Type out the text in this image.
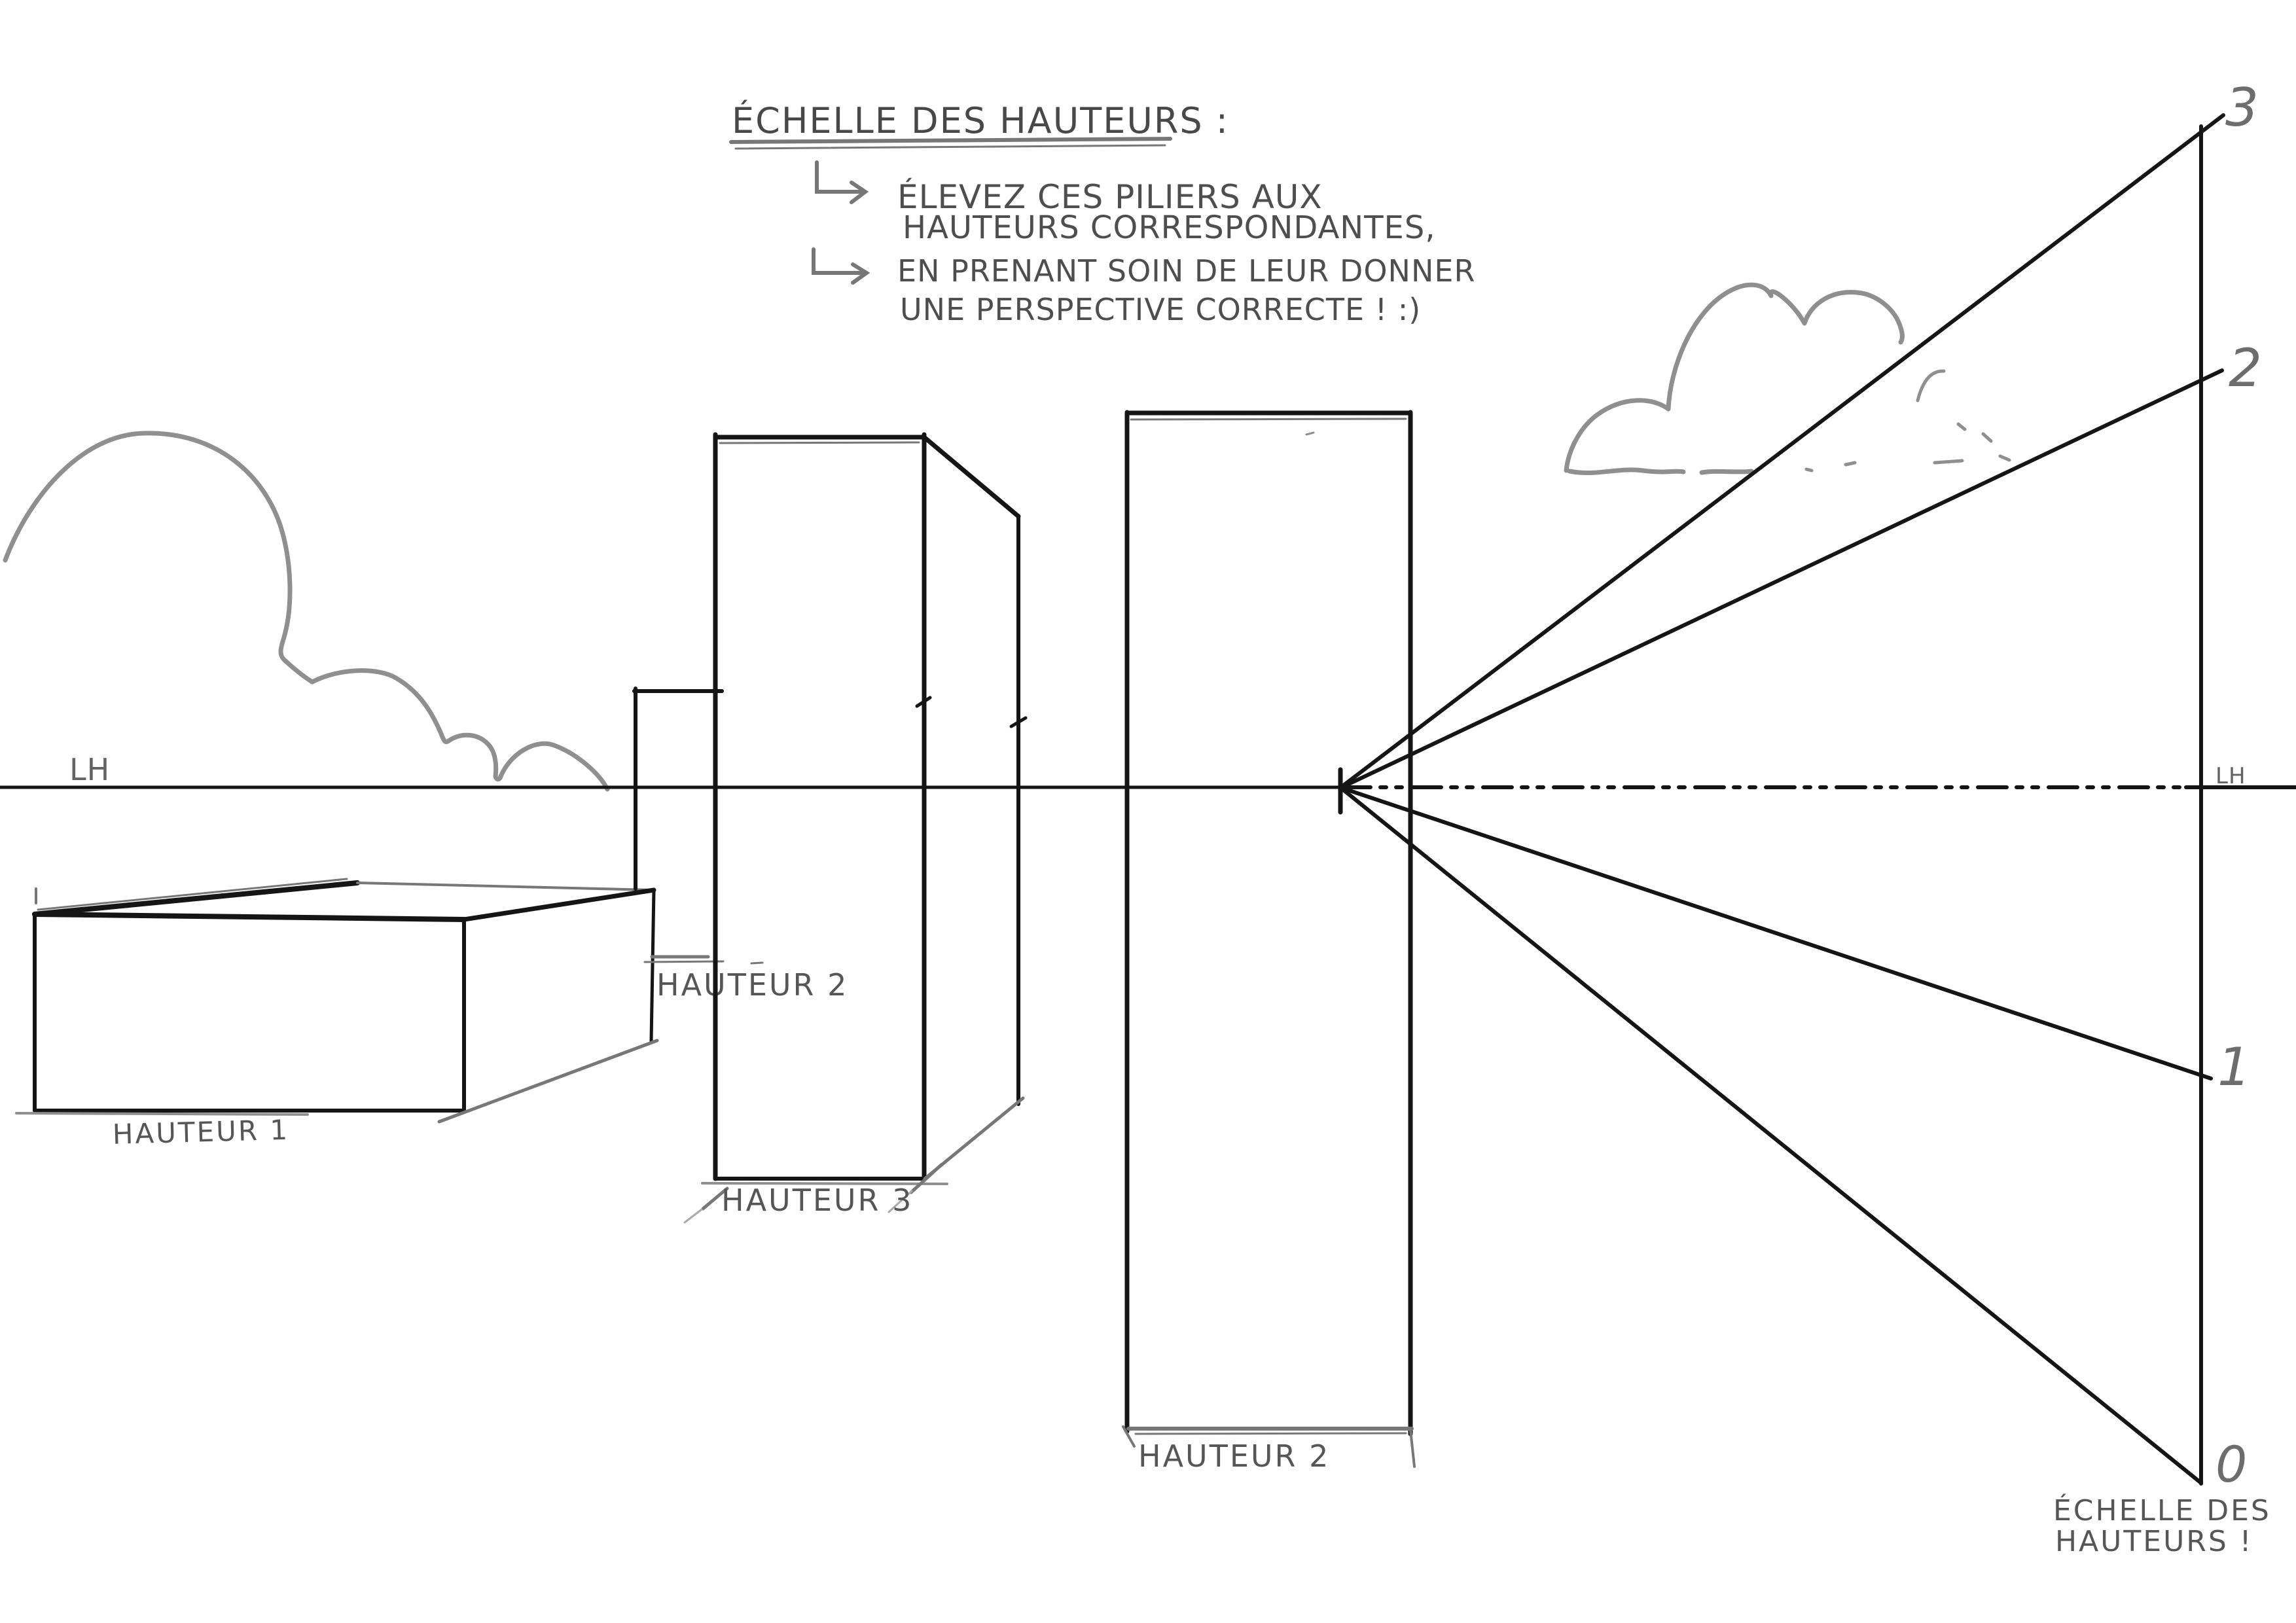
ÉCHELLE DES HAUTEURS :
ÉLEVEZ CES PILIERS AUX
HAUTEURS CORRESPONDANTES,
EN PRENANT SOIN DE LEUR DONNER
UNE PERSPECTIVE CORRECTE ! :)
LH	LH
HAUTEUR 1
HAUTEUR 2
HAUTEUR 3
HAUTEUR 2
3
2
1
0
ÉCHELLE DES
HAUTEURS !
